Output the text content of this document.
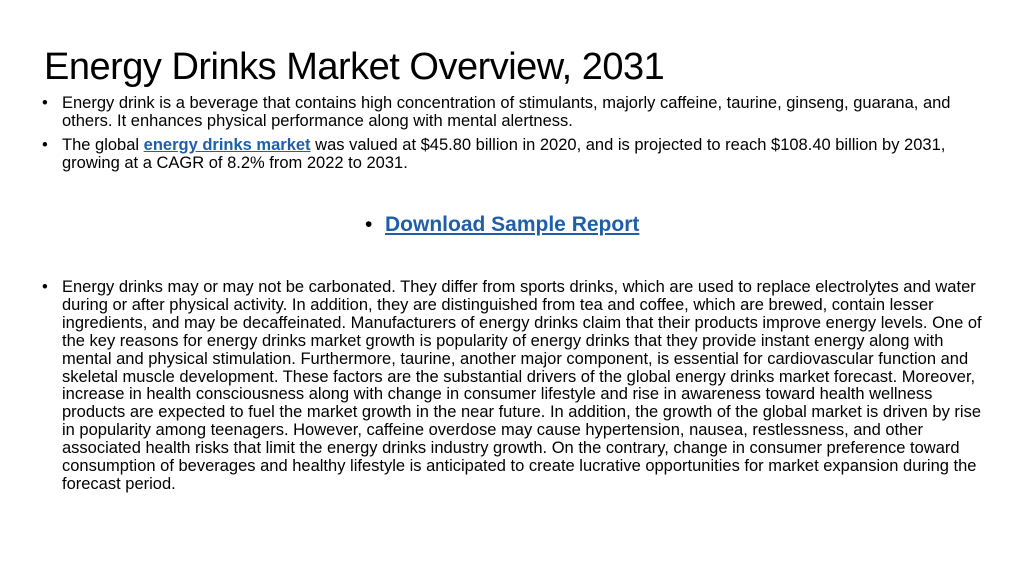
Energy Drinks Market Overview, 2031
• Energy drink is a beverage that contains high concentration of stimulants, majorly caffeine, taurine, ginseng, guarana, and others. It enhances physical performance along with mental alertness.
• The global energy drinks market was valued at $45.80 billion in 2020, and is projected to reach $108.40 billion by 2031, growing at a CAGR of 8.2% from 2022 to 2031.
• Download Sample Report
• Energy drinks may or may not be carbonated. They differ from sports drinks, which are used to replace electrolytes and water during or after physical activity. In addition, they are distinguished from tea and coffee, which are brewed, contain lesser ingredients, and may be decaffeinated. Manufacturers of energy drinks claim that their products improve energy levels. One of the key reasons for energy drinks market growth is popularity of energy drinks that they provide instant energy along with mental and physical stimulation. Furthermore, taurine, another major component, is essential for cardiovascular function and skeletal muscle development. These factors are the substantial drivers of the global energy drinks market forecast. Moreover, increase in health consciousness along with change in consumer lifestyle and rise in awareness toward health wellness products are expected to fuel the market growth in the near future. In addition, the growth of the global market is driven by rise in popularity among teenagers. However, caffeine overdose may cause hypertension, nausea, restlessness, and other associated health risks that limit the energy drinks industry growth. On the contrary, change in consumer preference toward consumption of beverages and healthy lifestyle is anticipated to create lucrative opportunities for market expansion during the forecast period.
